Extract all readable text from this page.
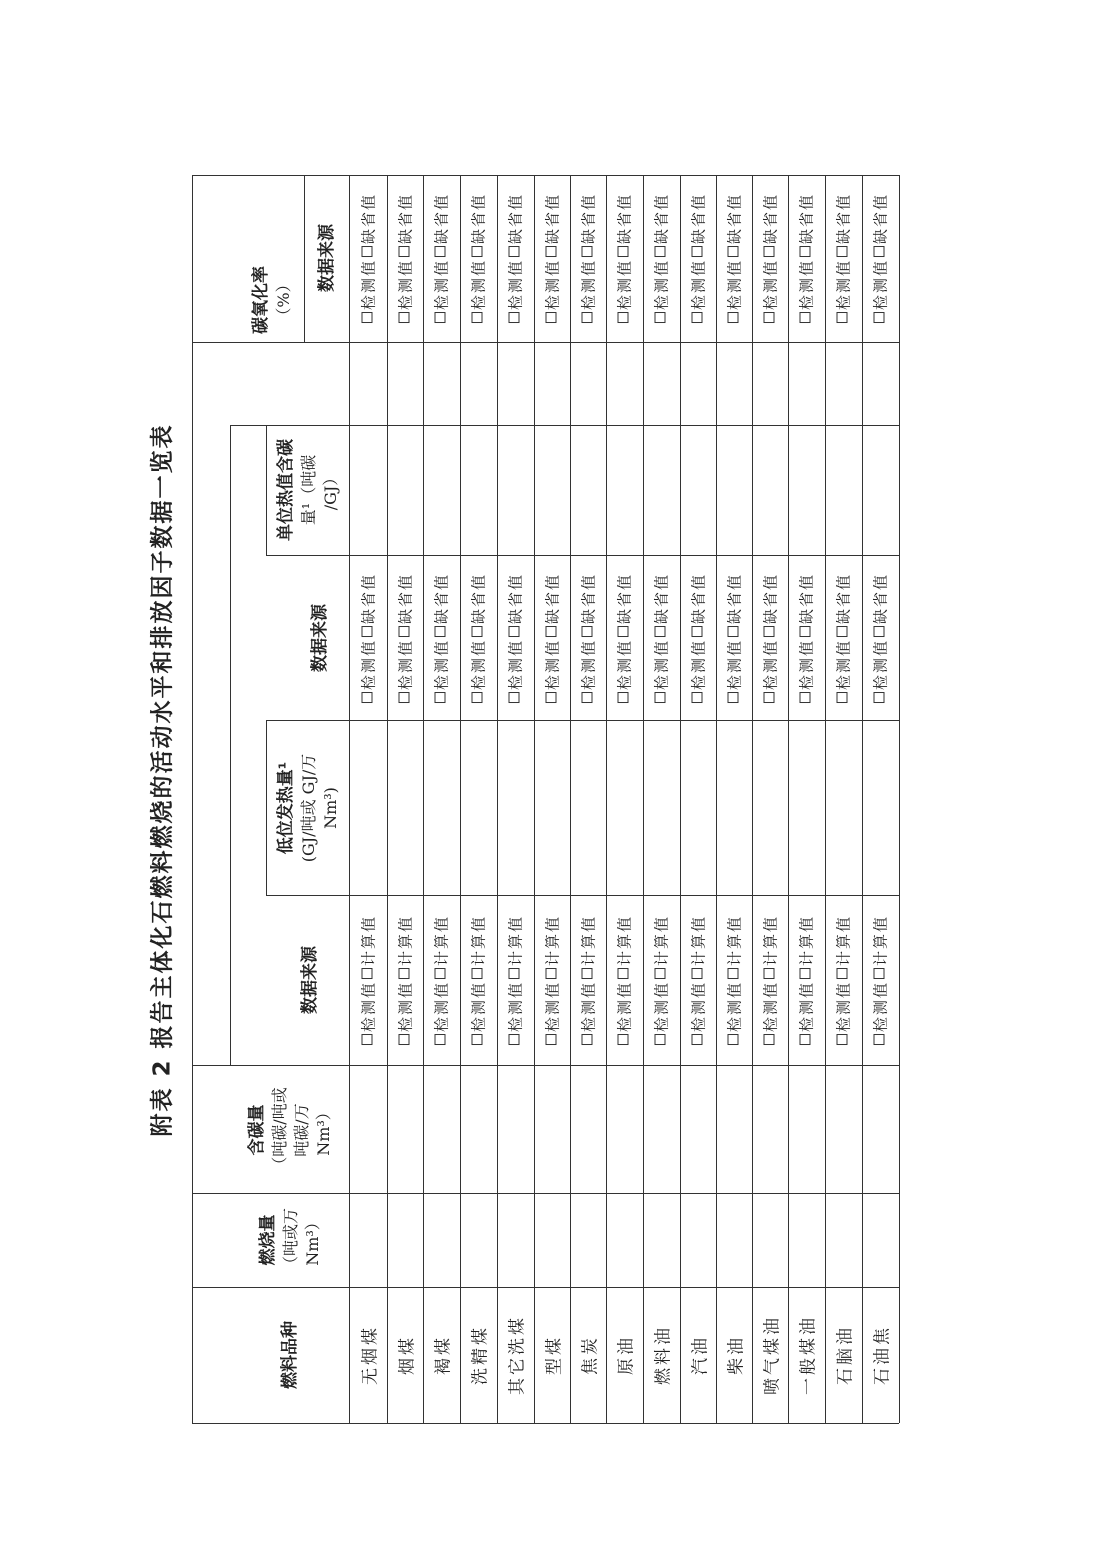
附表 2 报告主体化石燃料燃烧的活动水平和排放因子数据一览表
燃料品种
燃烧量 （吨或万 Nm³）
含碳量 （吨碳/吨或 吨碳/万 Nm³）
数据来源
低位发热量¹ (GJ/吨或 GJ/万 Nm³)
数据来源
单位热值含碳 量¹（吨碳 /GJ）
碳氧化率 （%）
数据来源
无烟煤
检测值计算值
检测值缺省值
检测值缺省值
烟煤
检测值计算值
检测值缺省值
检测值缺省值
褐煤
检测值计算值
检测值缺省值
检测值缺省值
洗精煤
检测值计算值
检测值缺省值
检测值缺省值
其它洗煤
检测值计算值
检测值缺省值
检测值缺省值
型煤
检测值计算值
检测值缺省值
检测值缺省值
焦炭
检测值计算值
检测值缺省值
检测值缺省值
原油
检测值计算值
检测值缺省值
检测值缺省值
燃料油
检测值计算值
检测值缺省值
检测值缺省值
汽油
检测值计算值
检测值缺省值
检测值缺省值
柴油
检测值计算值
检测值缺省值
检测值缺省值
喷气煤油
检测值计算值
检测值缺省值
检测值缺省值
一般煤油
检测值计算值
检测值缺省值
检测值缺省值
石脑油
检测值计算值
检测值缺省值
检测值缺省值
石油焦
检测值计算值
检测值缺省值
检测值缺省值
